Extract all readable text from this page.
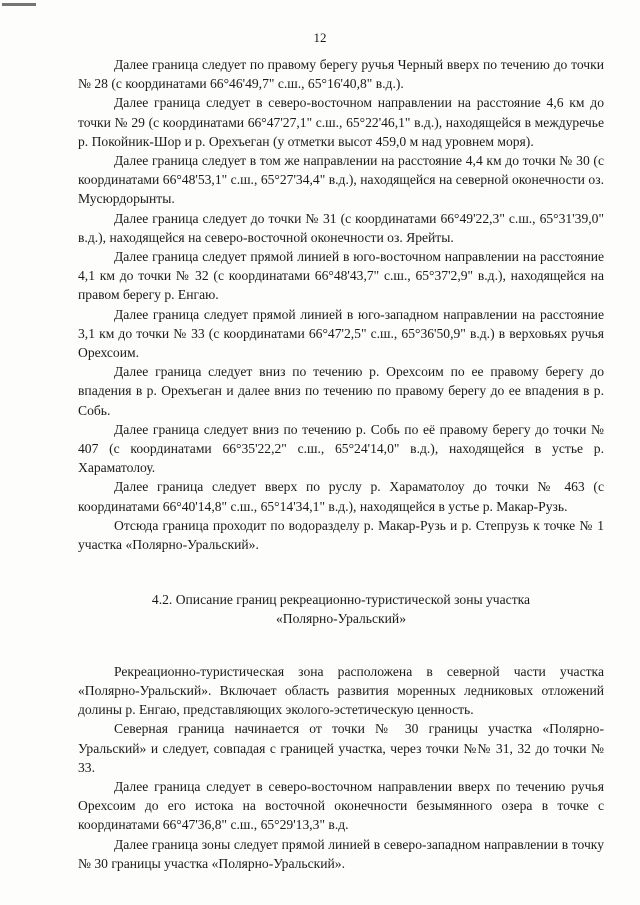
12

Далее граница следует по правому берегу ручья Черный вверх по течению до точки № 28 (с координатами 66°46'49,7" с.ш., 65°16'40,8" в.д.).

Далее граница следует в северо-восточном направлении на расстояние 4,6 км до точки № 29 (с координатами 66°47'27,1" с.ш., 65°22'46,1" в.д.), находящейся в междуречье р. Покойник-Шор и р. Орехъеган (у отметки высот 459,0 м над уровнем моря).

Далее граница следует в том же направлении на расстояние 4,4 км до точки № 30 (с координатами 66°48'53,1" с.ш., 65°27'34,4" в.д.), находящейся на северной оконечности оз. Мусюрдорынты.

Далее граница следует до точки № 31 (с координатами 66°49'22,3" с.ш., 65°31'39,0" в.д.), находящейся на северо-восточной оконечности оз. Ярейты.

Далее граница следует прямой линией в юго-восточном направлении на расстояние 4,1 км до точки № 32 (с координатами 66°48'43,7" с.ш., 65°37'2,9" в.д.), находящейся на правом берегу р. Енгаю.

Далее граница следует прямой линией в юго-западном направлении на расстояние 3,1 км до точки № 33 (с координатами 66°47'2,5" с.ш., 65°36'50,9" в.д.) в верховьях ручья Орехсоим.

Далее граница следует вниз по течению р. Орехсоим по ее правому берегу до впадения в р. Орехъеган и далее вниз по течению по правому берегу до ее впадения в р. Собь.

Далее граница следует вниз по течению р. Собь по её правому берегу до точки № 407 (с координатами 66°35'22,2" с.ш., 65°24'14,0" в.д.), находящейся в устье р. Хараматолоу.

Далее граница следует вверх по руслу р. Хараматолоу до точки № 463 (с координатами 66°40'14,8" с.ш., 65°14'34,1" в.д.), находящейся в устье р. Макар-Рузь.

Отсюда граница проходит по водоразделу р. Макар-Рузь и р. Степрузь к точке № 1 участка «Полярно-Уральский».

4.2. Описание границ рекреационно-туристической зоны участка
«Полярно-Уральский»

Рекреационно-туристическая зона расположена в северной части участка «Полярно-Уральский». Включает область развития моренных ледниковых отложений долины р. Енгаю, представляющих эколого-эстетическую ценность.

Северная граница начинается от точки № 30 границы участка «Полярно-Уральский» и следует, совпадая с границей участка, через точки №№ 31, 32 до точки № 33.

Далее граница следует в северо-восточном направлении вверх по течению ручья Орехсоим до его истока на восточной оконечности безымянного озера в точке с координатами 66°47'36,8" с.ш., 65°29'13,3" в.д.

Далее граница зоны следует прямой линией в северо-западном направлении в точку № 30 границы участка «Полярно-Уральский».
